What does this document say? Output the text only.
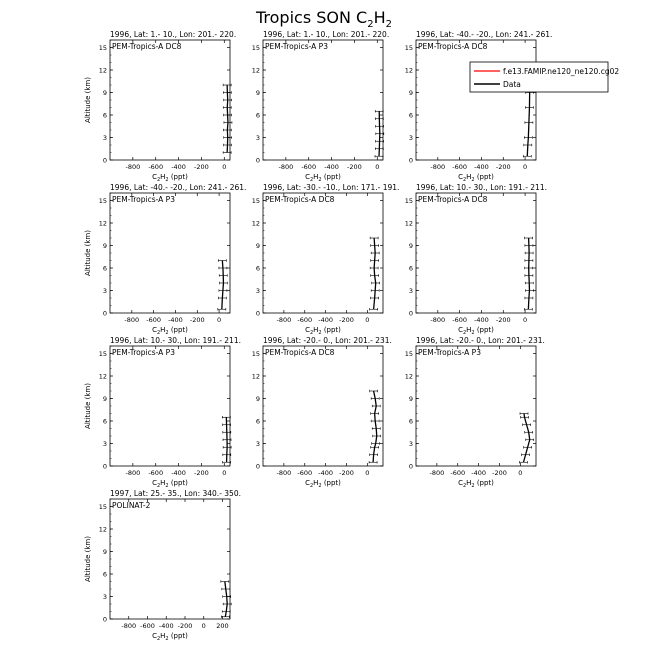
Tropics SON $C_2H_2$
1996, Lat: 1.- 10., Lon: 201.- 220.
PEM-Tropics-A DC8
0
3
6
9
12
15
-800 -600 -400 -200 0
$C_2H_2$ (ppt)
Altitude (km)
1996, Lat: 1.- 10., Lon: 201.- 220.
PEM-Tropics-A P3
0
3
6
9
12
15
-800 -600 -400 -200 0
$C_2H_2$ (ppt)
1996, Lat: -40.- -20., Lon: 241.- 261.
PEM-Tropics-A DC8
0
3
6
9
12
15
-800 -600 -400 -200 0
$C_2H_2$ (ppt)
1996, Lat: -40.- -20., Lon: 241.- 261.
PEM-Tropics-A P3
0
3
6
9
12
15
-800 -600 -400 -200 0
$C_2H_2$ (ppt)
Altitude (km)
1996, Lat: -30.- -10., Lon: 171.- 191.
PEM-Tropics-A DC8
0
3
6
9
12
15
-800 -600 -400 -200 0
$C_2H_2$ (ppt)
1996, Lat: 10.- 30., Lon: 191.- 211.
PEM-Tropics-A DC8
0
3
6
9
12
15
-800 -600 -400 -200 0
$C_2H_2$ (ppt)
1996, Lat: 10.- 30., Lon: 191.- 211.
PEM-Tropics-A P3
0
3
6
9
12
15
-800 -600 -400 -200 0
$C_2H_2$ (ppt)
Altitude (km)
1996, Lat: -20.- 0., Lon: 201.- 231.
PEM-Tropics-A DC8
0
3
6
9
12
15
-800 -600 -400 -200 0
$C_2H_2$ (ppt)
1996, Lat: -20.- 0., Lon: 201.- 231.
PEM-Tropics-A P3
0
3
6
9
12
15
-800 -600 -400 -200 0
$C_2H_2$ (ppt)
1997, Lat: 25.- 35., Lon: 340.- 350.
POLINAT-2
0
3
6
9
12
15
-800 -600 -400 -200 0 200
$C_2H_2$ (ppt)
Altitude (km)
f.e13.FAMIP.ne120_ne120.cg02
Data
